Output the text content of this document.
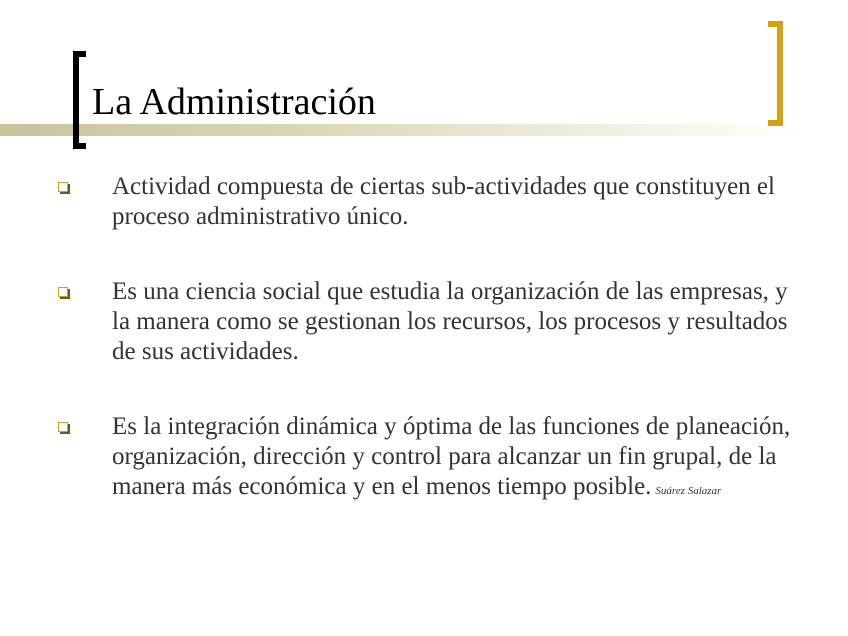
La Administración
Actividad compuesta de ciertas sub-actividades que constituyen el proceso administrativo único.
Es una ciencia social que estudia la organización de las empresas, y la manera como se gestionan los recursos, los procesos y resultados de sus actividades.
Es la integración dinámica y óptima de las funciones de planeación, organización, dirección y control para alcanzar un fin grupal, de la manera más económica y en el menos tiempo posible. Suárez Salazar
